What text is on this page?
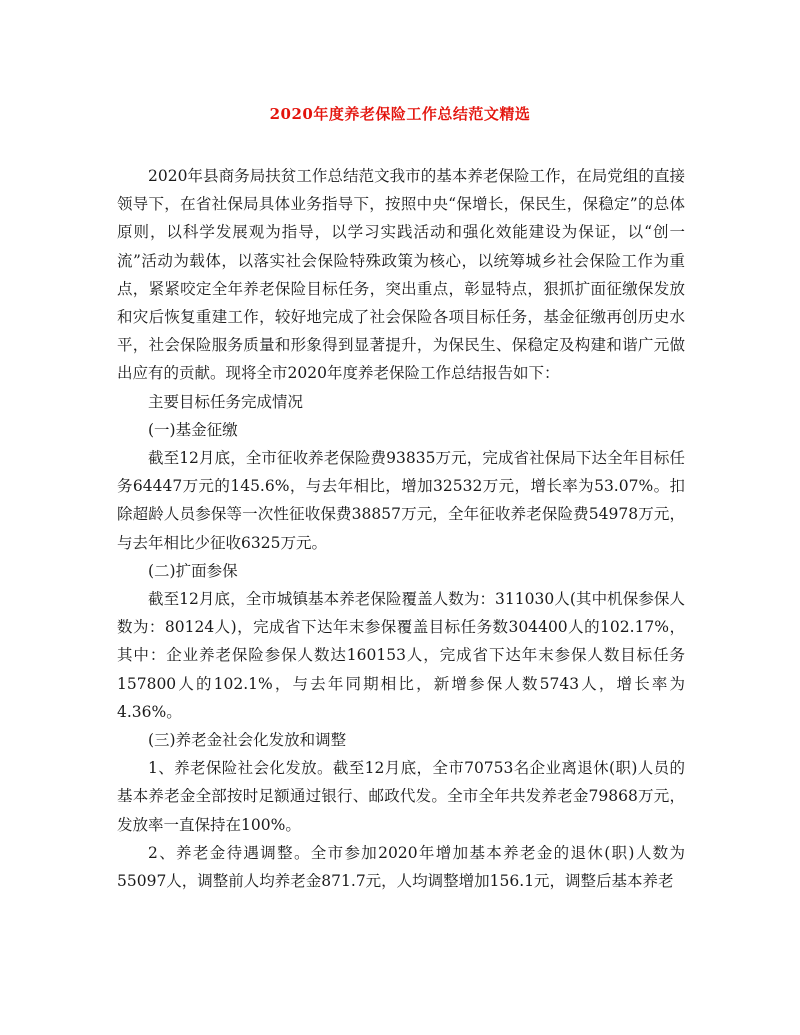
2020年度养老保险工作总结范文精选

2020年县商务局扶贫工作总结范文我市的基本养老保险工作，在局党组的直接领导下，在省社保局具体业务指导下，按照中央“保增长，保民生，保稳定”的总体原则，以科学发展观为指导，以学习实践活动和强化效能建设为保证，以“创一流”活动为载体，以落实社会保险特殊政策为核心，以统筹城乡社会保险工作为重点，紧紧咬定全年养老保险目标任务，突出重点，彰显特点，狠抓扩面征缴保发放和灾后恢复重建工作，较好地完成了社会保险各项目标任务，基金征缴再创历史水平，社会保险服务质量和形象得到显著提升，为保民生、保稳定及构建和谐广元做出应有的贡献。现将全市2020年度养老保险工作总结报告如下：

主要目标任务完成情况

(一)基金征缴

截至12月底，全市征收养老保险费93835万元，完成省社保局下达全年目标任务64447万元的145.6%，与去年相比，增加32532万元，增长率为53.07%。扣除超龄人员参保等一次性征收保费38857万元，全年征收养老保险费54978万元，与去年相比少征收6325万元。

(二)扩面参保

截至12月底，全市城镇基本养老保险覆盖人数为：311030人(其中机保参保人数为：80124人)，完成省下达年末参保覆盖目标任务数304400人的102.17%，其中：企业养老保险参保人数达160153人，完成省下达年末参保人数目标任务157800人的102.1%，与去年同期相比，新增参保人数5743人，增长率为4.36%。

(三)养老金社会化发放和调整

1、养老保险社会化发放。截至12月底，全市70753名企业离退休(职)人员的基本养老金全部按时足额通过银行、邮政代发。全市全年共发养老金79868万元，发放率一直保持在100%。

2、养老金待遇调整。全市参加2020年增加基本养老金的退休(职)人数为55097人，调整前人均养老金871.7元，人均调整增加156.1元，调整后基本养老
